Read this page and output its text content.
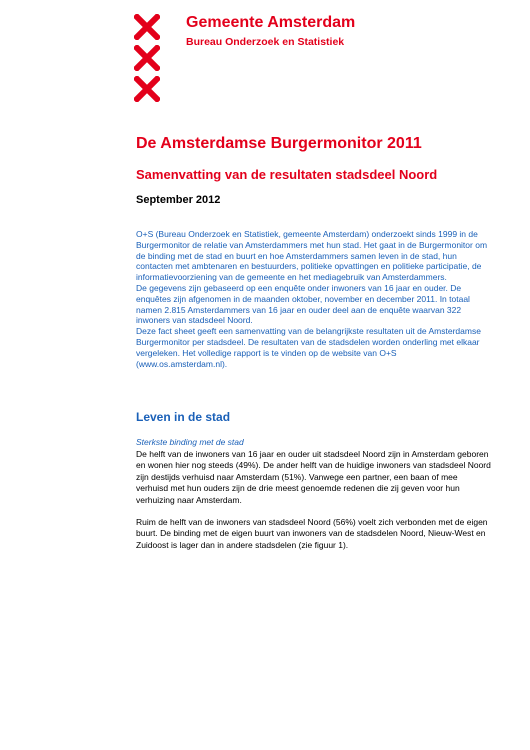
Gemeente Amsterdam
Bureau Onderzoek en Statistiek
De Amsterdamse Burgermonitor 2011
Samenvatting van de resultaten stadsdeel Noord
September 2012

O+S (Bureau Onderzoek en Statistiek, gemeente Amsterdam) onderzoekt sinds 1999 in de Burgermonitor de relatie van Amsterdammers met hun stad. Het gaat in de Burgermonitor om de binding met de stad en buurt en hoe Amsterdammers samen leven in de stad, hun contacten met ambtenaren en bestuurders, politieke opvattingen en politieke participatie, de informatievoorziening van de gemeente en het mediagebruik van Amsterdammers.

De gegevens zijn gebaseerd op een enquête onder inwoners van 16 jaar en ouder. De enquêtes zijn afgenomen in de maanden oktober, november en december 2011. In totaal namen 2.815 Amsterdammers van 16 jaar en ouder deel aan de enquête waarvan 322 inwoners van stadsdeel Noord.

Deze fact sheet geeft een samenvatting van de belangrijkste resultaten uit de Amsterdamse Burgermonitor per stadsdeel. De resultaten van de stadsdelen worden onderling met elkaar vergeleken. Het volledige rapport is te vinden op de website van O+S (www.os.amsterdam.nl).

Leven in de stad
Sterkste binding met de stad

De helft van de inwoners van 16 jaar en ouder uit stadsdeel Noord zijn in Amsterdam geboren en wonen hier nog steeds (49%). De ander helft van de huidige inwoners van stadsdeel Noord zijn destijds verhuisd naar Amsterdam (51%). Vanwege een partner, een baan of mee verhuisd met hun ouders zijn de drie meest genoemde redenen die zij geven voor hun verhuizing naar Amsterdam.

Ruim de helft van de inwoners van stadsdeel Noord (56%) voelt zich verbonden met de eigen buurt. De binding met de eigen buurt van inwoners van de stadsdelen Noord, Nieuw-West en Zuidoost is lager dan in andere stadsdelen (zie figuur 1).
